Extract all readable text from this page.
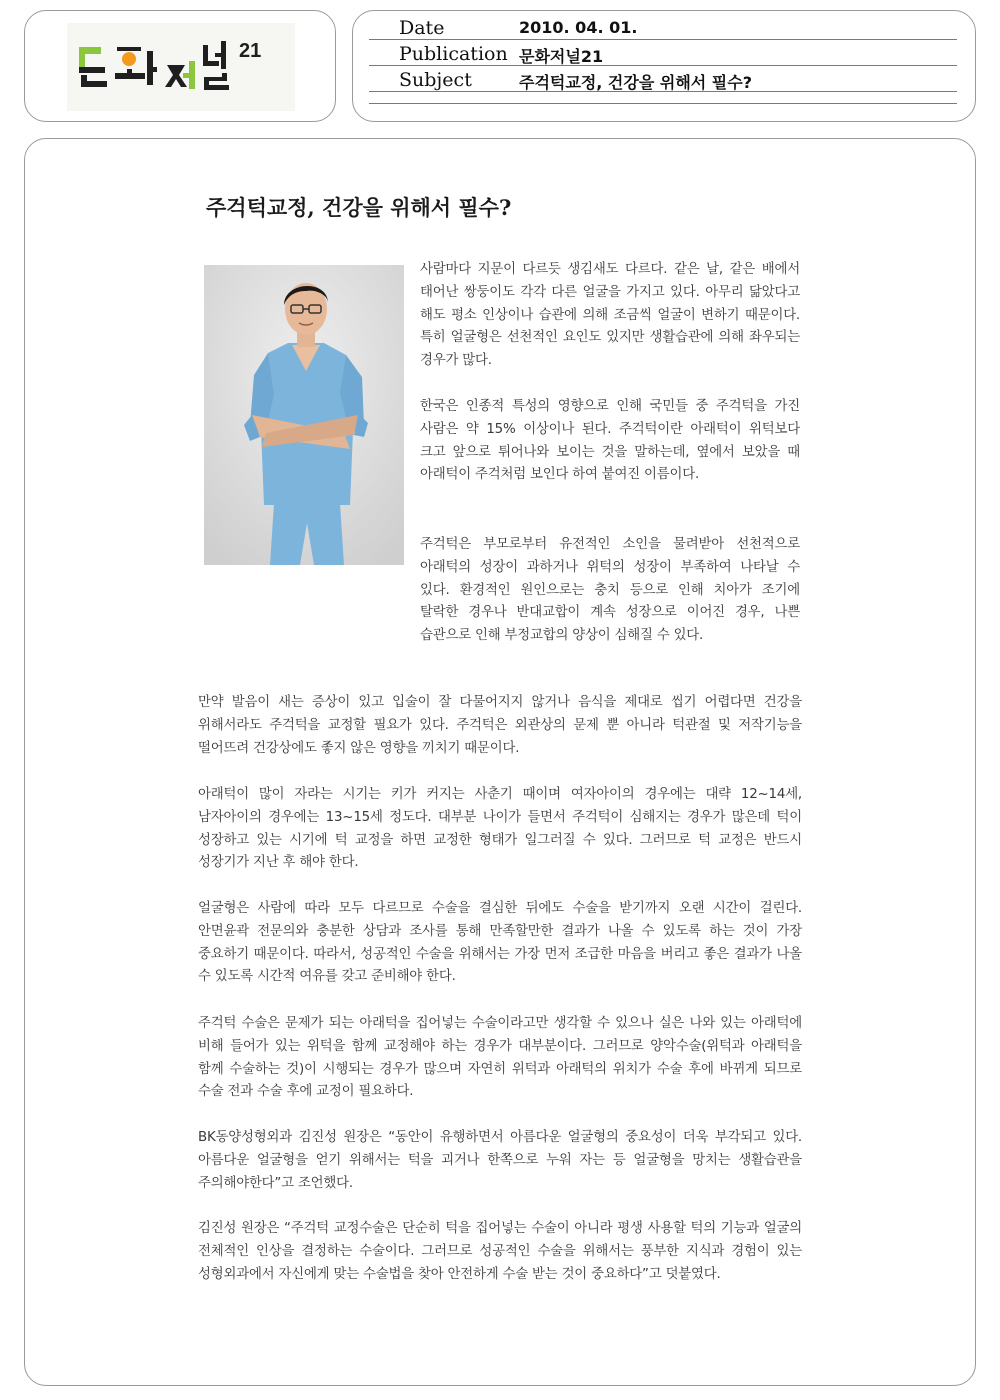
21
Date	2010. 04. 01.
Publication 문화저널21
Subject	주걱턱교정, 건강을 위해서 필수?
주걱턱교정, 건강을 위해서 필수?

사람마다 지문이 다르듯 생김새도 다르다. 같은 날, 같은 배에서 태어난 쌍둥이도 각각 다른 얼굴을 가지고 있다. 아무리 닮았다고 해도 평소 인상이나 습관에 의해 조금씩 얼굴이 변하기 때문이다. 특히 얼굴형은 선천적인 요인도 있지만 생활습관에 의해 좌우되는 경우가 많다.

한국은 인종적 특성의 영향으로 인해 국민들 중 주걱턱을 가진 사람은 약 15% 이상이나 된다. 주걱턱이란 아래턱이 위턱보다 크고 앞으로 튀어나와 보이는 것을 말하는데, 옆에서 보았을 때 아래턱이 주걱처럼 보인다 하여 붙여진 이름이다.

주걱턱은 부모로부터 유전적인 소인을 물려받아 선천적으로 아래턱의 성장이 과하거나 위턱의 성장이 부족하여 나타날 수 있다. 환경적인 원인으로는 충치 등으로 인해 치아가 조기에 탈락한 경우나 반대교합이 계속 성장으로 이어진 경우, 나쁜 습관으로 인해 부정교합의 양상이 심해질 수 있다.

만약 발음이 새는 증상이 있고 입술이 잘 다물어지지 않거나 음식을 제대로 씹기 어렵다면 건강을 위해서라도 주걱턱을 교정할 필요가 있다. 주걱턱은 외관상의 문제 뿐 아니라 턱관절 및 저작기능을 떨어뜨려 건강상에도 좋지 않은 영향을 끼치기 때문이다.

아래턱이 많이 자라는 시기는 키가 커지는 사춘기 때이며 여자아이의 경우에는 대략 12~14세, 남자아이의 경우에는 13~15세 정도다. 대부분 나이가 들면서 주걱턱이 심해지는 경우가 많은데 턱이 성장하고 있는 시기에 턱 교정을 하면 교정한 형태가 일그러질 수 있다. 그러므로 턱 교정은 반드시 성장기가 지난 후 해야 한다.

얼굴형은 사람에 따라 모두 다르므로 수술을 결심한 뒤에도 수술을 받기까지 오랜 시간이 걸린다. 안면윤곽 전문의와 충분한 상담과 조사를 통해 만족할만한 결과가 나올 수 있도록 하는 것이 가장 중요하기 때문이다. 따라서, 성공적인 수술을 위해서는 가장 먼저 조급한 마음을 버리고 좋은 결과가 나올 수 있도록 시간적 여유를 갖고 준비해야 한다.

주걱턱 수술은 문제가 되는 아래턱을 집어넣는 수술이라고만 생각할 수 있으나 실은 나와 있는 아래턱에 비해 들어가 있는 위턱을 함께 교정해야 하는 경우가 대부분이다. 그러므로 양악수술(위턱과 아래턱을 함께 수술하는 것)이 시행되는 경우가 많으며 자연히 위턱과 아래턱의 위치가 수술 후에 바뀌게 되므로 수술 전과 수술 후에 교정이 필요하다.

BK동양성형외과 김진성 원장은 “동안이 유행하면서 아름다운 얼굴형의 중요성이 더욱 부각되고 있다. 아름다운 얼굴형을 얻기 위해서는 턱을 괴거나 한쪽으로 누워 자는 등 얼굴형을 망치는 생활습관을 주의해야한다”고 조언했다.

김진성 원장은 “주걱턱 교정수술은 단순히 턱을 집어넣는 수술이 아니라 평생 사용할 턱의 기능과 얼굴의 전체적인 인상을 결정하는 수술이다. 그러므로 성공적인 수술을 위해서는 풍부한 지식과 경험이 있는 성형외과에서 자신에게 맞는 수술법을 찾아 안전하게 수술 받는 것이 중요하다”고 덧붙였다.
